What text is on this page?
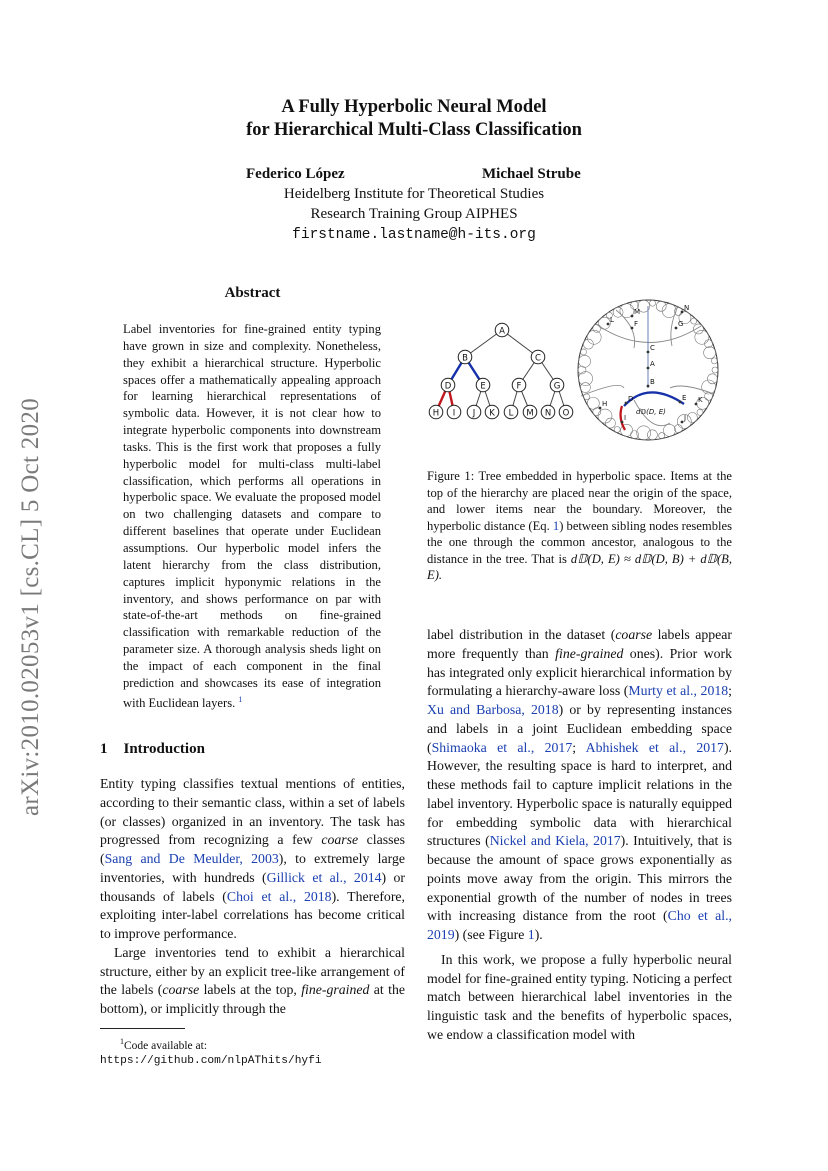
arXiv:2010.02053v1 [cs.CL] 5 Oct 2020
A Fully Hyperbolic Neural Model
for Hierarchical Multi-Class Classification
Federico López	Michael Strube
Heidelberg Institute for Theoretical Studies
Research Training Group AIPHES
firstname.lastname@h-its.org
Abstract
Label inventories for fine-grained entity typing have grown in size and complexity. Nonetheless, they exhibit a hierarchical structure. Hyperbolic spaces offer a mathematically appealing approach for learning hierarchical representations of symbolic data. However, it is not clear how to integrate hyperbolic components into downstream tasks. This is the first work that proposes a fully hyperbolic model for multi-class multi-label classification, which performs all operations in hyperbolic space. We evaluate the proposed model on two challenging datasets and compare to different baselines that operate under Euclidean assumptions. Our hyperbolic model infers the latent hierarchy from the class distribution, captures implicit hyponymic relations in the inventory, and shows performance on par with state-of-the-art methods on fine-grained classification with remarkable reduction of the parameter size. A thorough analysis sheds light on the impact of each component in the final prediction and showcases its ease of integration with Euclidean layers. $^1$
1 Introduction

Entity typing classifies textual mentions of entities, according to their semantic class, within a set of labels (or classes) organized in an inventory. The task has progressed from recognizing a few coarse classes (Sang and De Meulder, 2003), to extremely large inventories, with hundreds (Gillick et al., 2014) or thousands of labels (Choi et al., 2018). Therefore, exploiting inter-label correlations has become critical to improve performance.

Large inventories tend to exhibit a hierarchical structure, either by an explicit tree-like arrangement of the labels (coarse labels at the top, fine-grained at the bottom), or implicitly through the

$^1$Code available at:
https://github.com/nlpAThits/hyfi
A
B	C
D	E	F	G
H I J K L M N O
M	N
F
L	G
C
A
B
D	E K
H
I	J
d𝔻(D, E)
Figure 1: Tree embedded in hyperbolic space. Items at the top of the hierarchy are placed near the origin of the space, and lower items near the boundary. Moreover, the hyperbolic distance (Eq. 1) between sibling nodes resembles the one through the common ancestor, analogous to the distance in the tree. That is d𝔻(D, E) ≈ d𝔻(D, B) + d𝔻(B, E).

label distribution in the dataset (coarse labels appear more frequently than fine-grained ones). Prior work has integrated only explicit hierarchical information by formulating a hierarchy-aware loss (Murty et al., 2018; Xu and Barbosa, 2018) or by representing instances and labels in a joint Euclidean embedding space (Shimaoka et al., 2017; Abhishek et al., 2017). However, the resulting space is hard to interpret, and these methods fail to capture implicit relations in the label inventory. Hyperbolic space is naturally equipped for embedding symbolic data with hierarchical structures (Nickel and Kiela, 2017). Intuitively, that is because the amount of space grows exponentially as points move away from the origin. This mirrors the exponential growth of the number of nodes in trees with increasing distance from the root (Cho et al., 2019) (see Figure 1).

In this work, we propose a fully hyperbolic neural model for fine-grained entity typing. Noticing a perfect match between hierarchical label inventories in the linguistic task and the benefits of hyperbolic spaces, we endow a classification model with
